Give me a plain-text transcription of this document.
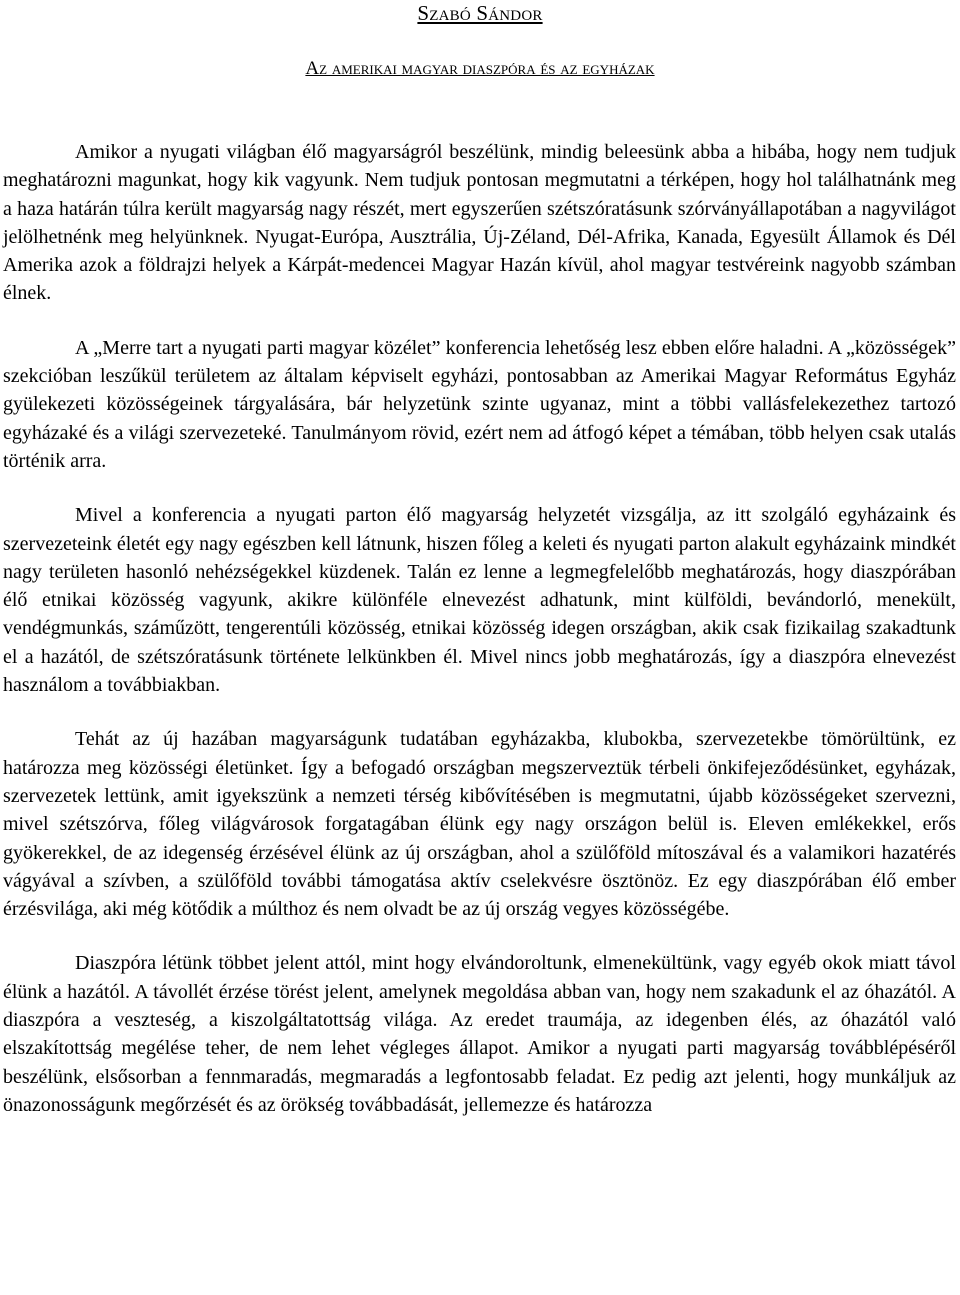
Szabó Sándor
Az amerikai magyar diaszpóra és az egyházak

Amikor a nyugati világban élő magyarságról beszélünk, mindig beleesünk abba a hibába, hogy nem tudjuk meghatározni magunkat, hogy kik vagyunk. Nem tudjuk pontosan megmutatni a térképen, hogy hol találhatnánk meg a haza határán túlra került magyarság nagy részét, mert egyszerűen szétszóratásunk szórványállapotában a nagyvilágot jelölhetnénk meg helyünknek. Nyugat-Európa, Ausztrália, Új-Zéland, Dél-Afrika, Kanada, Egyesült Államok és Dél Amerika azok a földrajzi helyek a Kárpát-medencei Magyar Hazán kívül, ahol magyar testvéreink nagyobb számban élnek.

A „Merre tart a nyugati parti magyar közélet” konferencia lehetőség lesz ebben előre haladni. A „közösségek” szekcióban leszűkül területem az általam képviselt egyházi, pontosabban az Amerikai Magyar Református Egyház gyülekezeti közösségeinek tárgyalására, bár helyzetünk szinte ugyanaz, mint a többi vallásfelekezethez tartozó egyházaké és a világi szervezeteké. Tanulmányom rövid, ezért nem ad átfogó képet a témában, több helyen csak utalás történik arra.

Mivel a konferencia a nyugati parton élő magyarság helyzetét vizsgálja, az itt szolgáló egyházaink és szervezeteink életét egy nagy egészben kell látnunk, hiszen főleg a keleti és nyugati parton alakult egyházaink mindkét nagy területen hasonló nehézségekkel küzdenek. Talán ez lenne a legmegfelelőbb meghatározás, hogy diaszpórában élő etnikai közösség vagyunk, akikre különféle elnevezést adhatunk, mint külföldi, bevándorló, menekült, vendégmunkás, száműzött, tengerentúli közösség, etnikai közösség idegen országban, akik csak fizikailag szakadtunk el a hazától, de szétszóratásunk története lelkünkben él. Mivel nincs jobb meghatározás, így a diaszpóra elnevezést használom a továbbiakban.

Tehát az új hazában magyarságunk tudatában egyházakba, klubokba, szervezetekbe tömörültünk, ez határozza meg közösségi életünket. Így a befogadó országban megszerveztük térbeli önkifejeződésünket, egyházak, szervezetek lettünk, amit igyekszünk a nemzeti térség kibővítésében is megmutatni, újabb közösségeket szervezni, mivel szétszórva, főleg világvárosok forgatagában élünk egy nagy országon belül is. Eleven emlékekkel, erős gyökerekkel, de az idegenség érzésével élünk az új országban, ahol a szülőföld mítoszával és a valamikori hazatérés vágyával a szívben, a szülőföld további támogatása aktív cselekvésre ösztönöz. Ez egy diaszpórában élő ember érzésvilága, aki még kötődik a múlthoz és nem olvadt be az új ország vegyes közösségébe.

Diaszpóra létünk többet jelent attól, mint hogy elvándoroltunk, elmenekültünk, vagy egyéb okok miatt távol élünk a hazától. A távollét érzése törést jelent, amelynek megoldása abban van, hogy nem szakadunk el az óhazától. A diaszpóra a veszteség, a kiszolgáltatottság világa. Az eredet traumája, az idegenben élés, az óhazától való elszakítottság megélése teher, de nem lehet végleges állapot. Amikor a nyugati parti magyarság továbblépéséről beszélünk, elsősorban a fennmaradás, megmaradás a legfontosabb feladat. Ez pedig azt jelenti, hogy munkáljuk az önazonosságunk megőrzését és az örökség továbbadását, jellemezze és határozza
